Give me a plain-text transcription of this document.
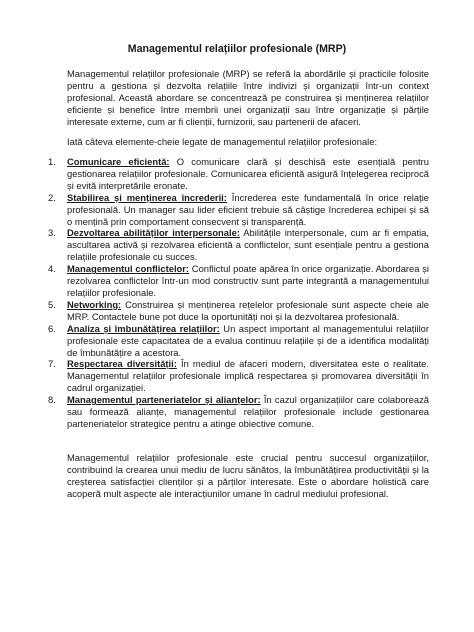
Managementul relațiilor profesionale (MRP)

Managementul relațiilor profesionale (MRP) se referă la abordările și practicile folosite pentru a gestiona și dezvolta relațiile între indivizi și organizații într-un context profesional. Această abordare se concentrează pe construirea și menținerea relațiilor eficiente și benefice între membrii unei organizații sau între organizație și părțile interesate externe, cum ar fi clienții, furnizorii, sau partenerii de afaceri.

Iată câteva elemente-cheie legate de managementul relațiilor profesionale:

1. Comunicare eficientă: O comunicare clară și deschisă este esențială pentru gestionarea relațiilor profesionale. Comunicarea eficientă asigură înțelegerea reciprocă și evită interpretările eronate.
2. Stabilirea și menținerea încrederii: Încrederea este fundamentală în orice relație profesională. Un manager sau lider eficient trebuie să câștige încrederea echipei și să o mențină prin comportament consecvent și transparență.
3. Dezvoltarea abilităților interpersonale: Abilitățile interpersonale, cum ar fi empatia, ascultarea activă și rezolvarea eficientă a conflictelor, sunt esențiale pentru a gestiona relațiile profesionale cu succes.
4. Managementul conflictelor: Conflictul poate apărea în orice organizație. Abordarea și rezolvarea conflictelor într-un mod constructiv sunt parte integrantă a managementului relațiilor profesionale.
5. Networking: Construirea și menținerea rețelelor profesionale sunt aspecte cheie ale MRP. Contactele bune pot duce la oportunități noi și la dezvoltarea profesională.
6. Analiza și îmbunătățirea relațiilor: Un aspect important al managementului relațiilor profesionale este capacitatea de a evalua continuu relațiile și de a identifica modalități de îmbunătățire a acestora.
7. Respectarea diversității: În mediul de afaceri modern, diversitatea este o realitate. Managementul relațiilor profesionale implică respectarea și promovarea diversității în cadrul organizației.
8. Managementul parteneriatelor și alianțelor: În cazul organizațiilor care colaborează sau formează alianțe, managementul relațiilor profesionale include gestionarea parteneriatelor strategice pentru a atinge obiective comune.

Managementul relațiilor profesionale este crucial pentru succesul organizațiilor, contribuind la crearea unui mediu de lucru sănătos, la îmbunătățirea productivității și la creșterea satisfacției clienților și a părților interesate. Este o abordare holistică care acoperă mult aspecte ale interacțiunilor umane în cadrul mediului profesional.
